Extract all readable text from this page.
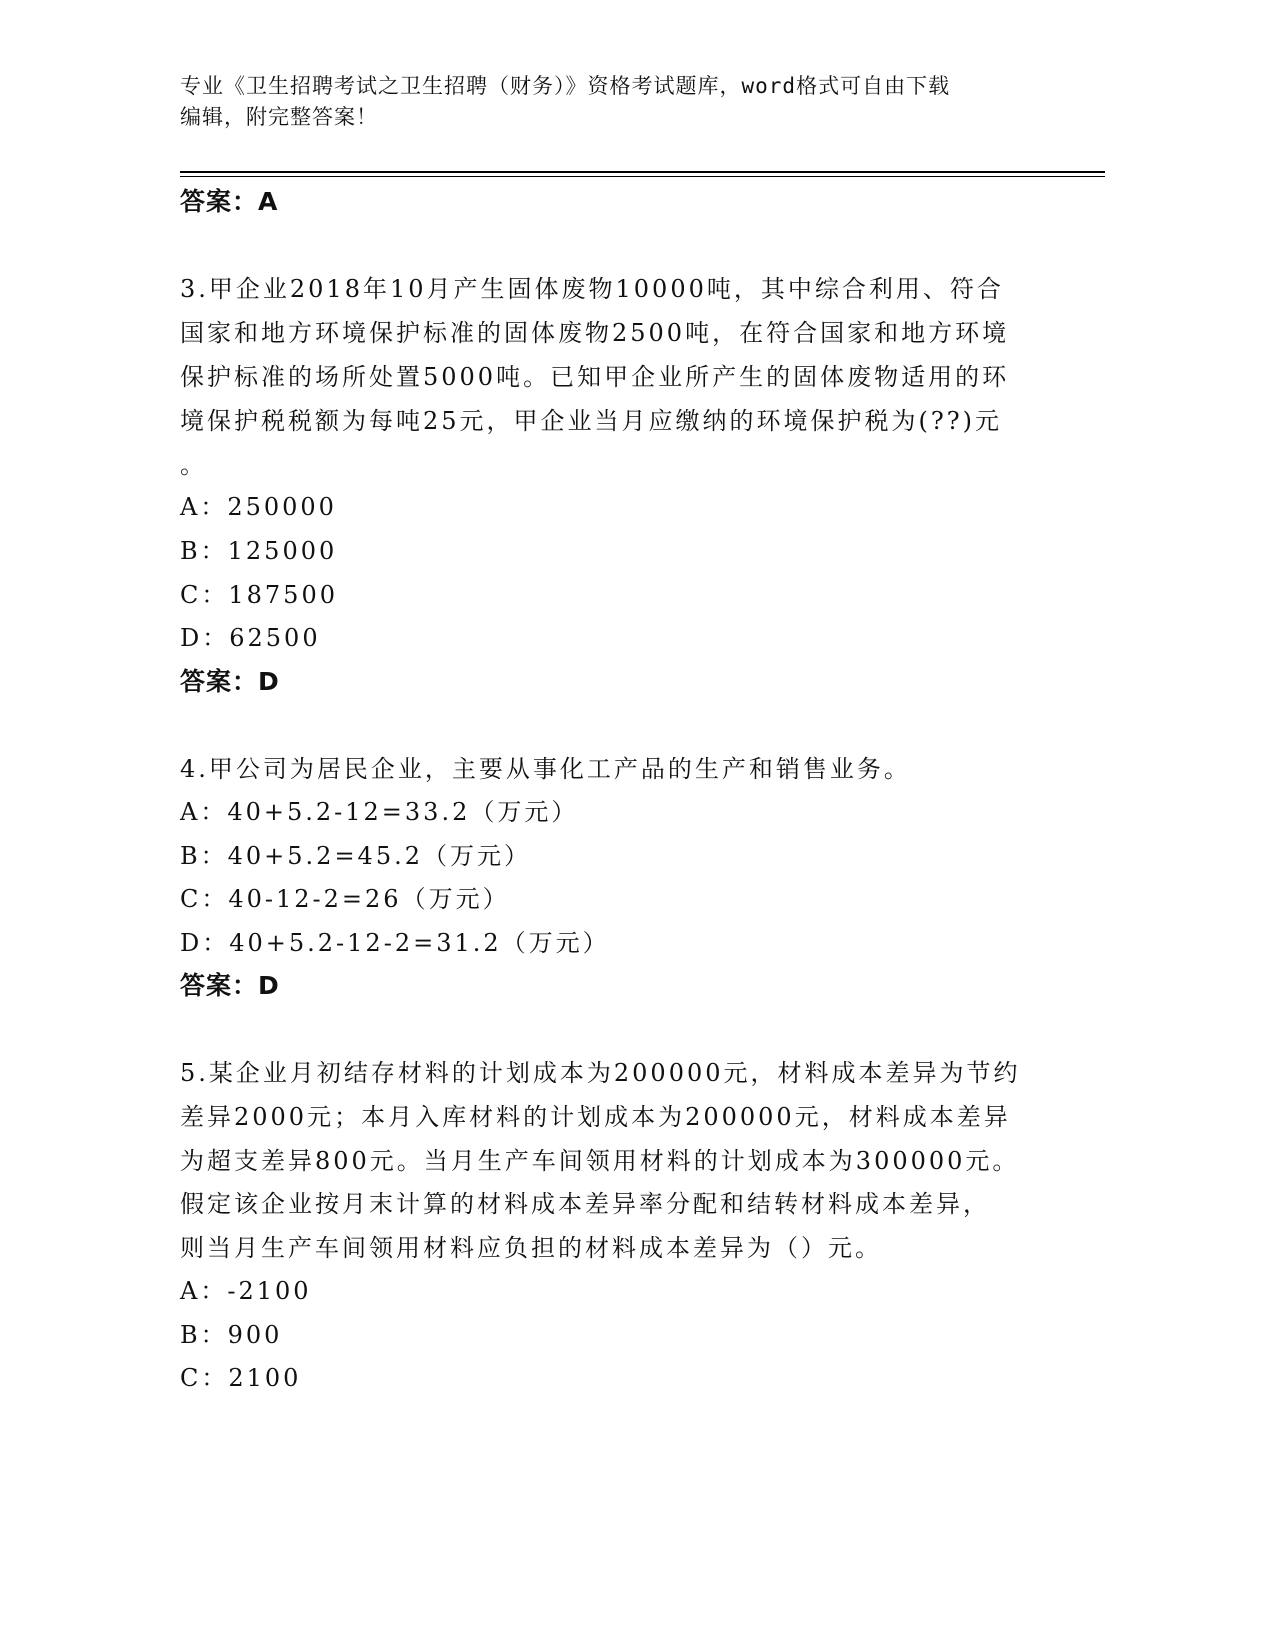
专业《卫生招聘考试之卫生招聘（财务）》资格考试题库，word格式可自由下载
编辑，附完整答案！
答案：A
3.甲企业2018年10月产生固体废物10000吨，其中综合利用、符合
国家和地方环境保护标准的固体废物2500吨，在符合国家和地方环境
保护标准的场所处置5000吨。已知甲企业所产生的固体废物适用的环
境保护税税额为每吨25元，甲企业当月应缴纳的环境保护税为(??)元
。
A：250000
B：125000
C：187500
D：62500
答案：D
4.甲公司为居民企业，主要从事化工产品的生产和销售业务。
A：40+5.2-12=33.2（万元）
B：40+5.2=45.2（万元）
C：40-12-2=26（万元）
D：40+5.2-12-2=31.2（万元）
答案：D
5.某企业月初结存材料的计划成本为200000元，材料成本差异为节约
差异2000元；本月入库材料的计划成本为200000元，材料成本差异
为超支差异800元。当月生产车间领用材料的计划成本为300000元。
假定该企业按月末计算的材料成本差异率分配和结转材料成本差异，
则当月生产车间领用材料应负担的材料成本差异为（）元。
A：-2100
B：900
C：2100
